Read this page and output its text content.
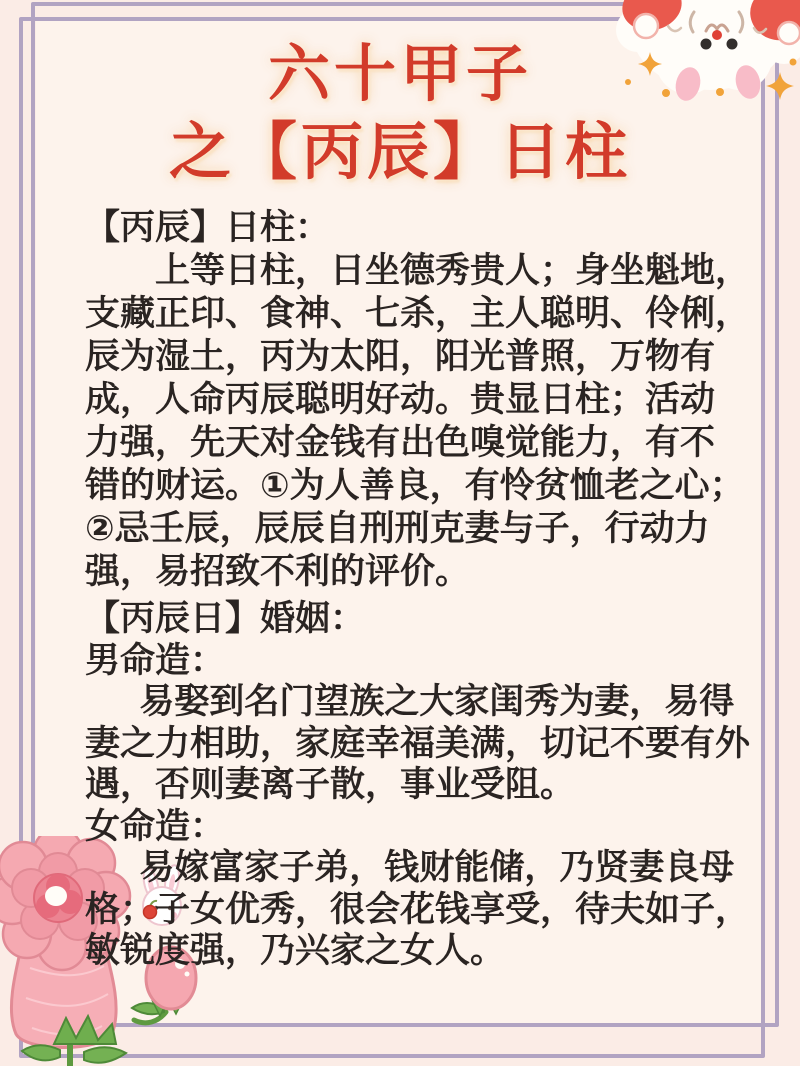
六十甲子
之【丙辰】日柱
【丙辰】日柱：
上等日柱，日坐德秀贵人；身坐魁地，
支藏正印、食神、七杀，主人聪明、伶俐，
辰为湿土，丙为太阳，阳光普照，万物有
成，人命丙辰聪明好动。贵显日柱；活动
力强，先天对金钱有出色嗅觉能力，有不
错的财运。①为人善良，有怜贫恤老之心；
②忌壬辰，辰辰自刑刑克妻与子，行动力
强，易招致不利的评价。
【丙辰日】婚姻：
男命造：
易娶到名门望族之大家闺秀为妻，易得
妻之力相助，家庭幸福美满，切记不要有外
遇，否则妻离子散，事业受阻。
女命造：
易嫁富家子弟，钱财能储，乃贤妻良母
格；子女优秀，很会花钱享受，待夫如子，
敏锐度强，乃兴家之女人。
